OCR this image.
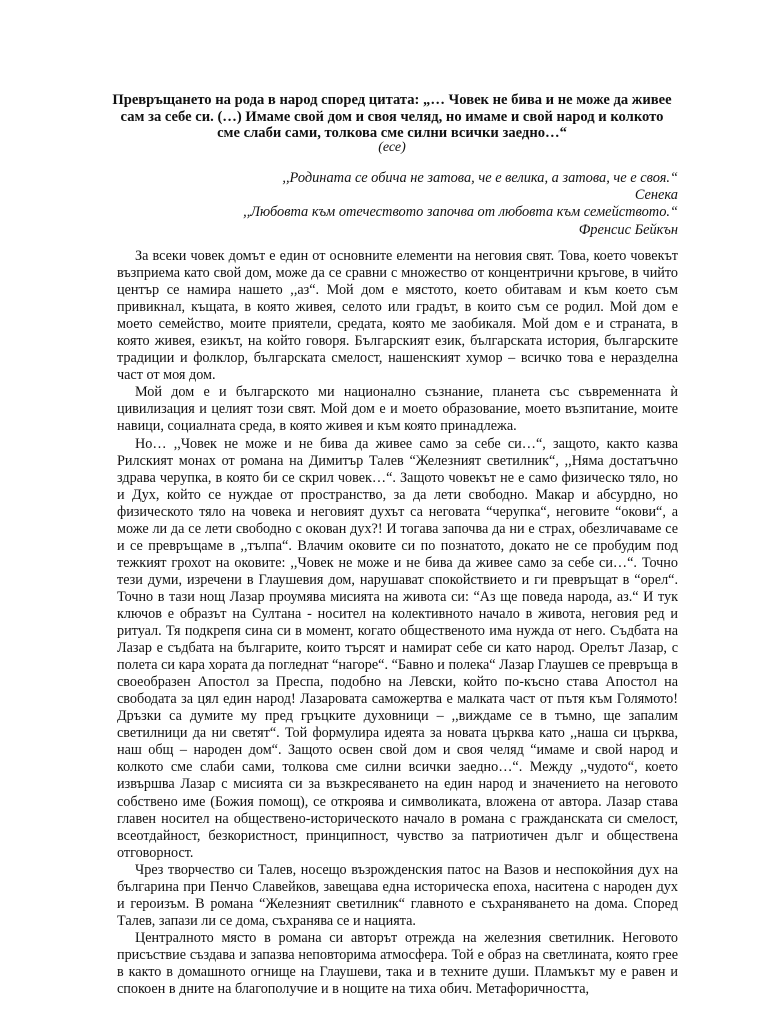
Превръщането на рода в народ според цитата: „… Човек не бива и не може да живее сам за себе си. (…) Имаме свой дом и своя челяд, но имаме и свой народ и колкото сме слаби сами, толкова сме силни всички заедно…“
(есе)
,,Родината се обича не затова, че е велика, а затова, че е своя.“
Сенека
,,Любовта към отечеството започва от любовта към семейството.“
Френсис Бейкън

За всеки човек домът е един от основните елементи на неговия свят. Това, което човекът възприема като свой дом, може да се сравни с множество от концентрични кръгове, в чийто център се намира нашето ,,аз“. Мой дом е мястото, което обитавам и към което съм привикнал, къщата, в която живея, селото или градът, в които съм се родил. Мой дом е моето семейство, моите приятели, средата, която ме заобикаля. Мой дом е и страната, в която живея, езикът, на който говоря. Българският език, българската история, българските традиции и фолклор, българската смелост, нашенският хумор – всичко това е неразделна част от моя дом.

Мой дом е и българското ми национално съзнание, планета със съвременната ѝ цивилизация и целият този свят. Мой дом е и моето образование, моето възпитание, моите навици, социалната среда, в която живея и към която принадлежа.

Но… ,,Човек не може и не бива да живее само за себе си…“, защото, както казва Рилският монах от романа на Димитър Талев “Железният светилник“, ,,Няма достатъчно здрава черупка, в която би се скрил човек…“. Защото човекът не е само физическо тяло, но и Дух, който се нуждае от пространство, за да лети свободно. Макар и абсурдно, но физическото тяло на човека и неговият духът са неговата “черупка“, неговите “окови“, а може ли да се лети свободно с окован дух?! И тогава започва да ни е страх, обезличаваме се и се превръщаме в ,,тълпа“. Влачим оковите си по познатото, докато не се пробудим под тежкият грохот на оковите: ,,Човек не може и не бива да живее само за себе си…“. Точно тези думи, изречени в Глаушевия дом, нарушават спокойствието и ги превръщат в “орел“. Точно в тази нощ Лазар проумява мисията на живота си: “Аз ще поведа народа, аз.“ И тук ключов е образът на Султана - носител на колективното начало в живота, неговия ред и ритуал. Тя подкрепя сина си в момент, когато общественото има нужда от него. Съдбата на Лазар е съдбата на българите, които търсят и намират себе си като народ. Орелът Лазар, с полета си кара хората да погледнат “нагоре“. “Бавно и полека“ Лазар Глаушев се превръща в своеобразен Апостол за Преспа, подобно на Левски, който по-късно става Апостол на свободата за цял един народ! Лазаровата саможертва е малката част от пътя към Голямото! Дръзки са думите му пред гръцките духовници – ,,виждаме се в тъмно, ще запалим светилници да ни светят“. Той формулира идеята за новата църква като ,,наша си църква, наш общ – народен дом“. Защото освен свой дом и своя челяд “имаме и свой народ и колкото сме слаби сами, толкова сме силни всички заедно…“. Между ,,чудото“, което извършва Лазар с мисията си за възкресяването на един народ и значението на неговото собствено име (Божия помощ), се откроява и символиката, вложена от автора. Лазар става главен носител на обществено-историческото начало в романа с гражданската си смелост, всеотдайност, безкористност, принципност, чувство за патриотичен дълг и обществена отговорност.

Чрез творчество си Талев, носещо възрожденския патос на Вазов и неспокойния дух на българина при Пенчо Славейков, завещава една историческа епоха, наситена с народен дух и героизъм. В романа “Железният светилник“ главното е съхраняването на дома. Според Талев, запази ли се дома, съхранява се и нацията.

Централното място в романа си авторът отрежда на железния светилник. Неговото присъствие създава и запазва неповторима атмосфера. Той е образ на светлината, която грее в както в домашното огнище на Глаушеви, така и в техните души. Пламъкът му е равен и спокоен в дните на благополучие и в нощите на тиха обич. Метафоричността,
